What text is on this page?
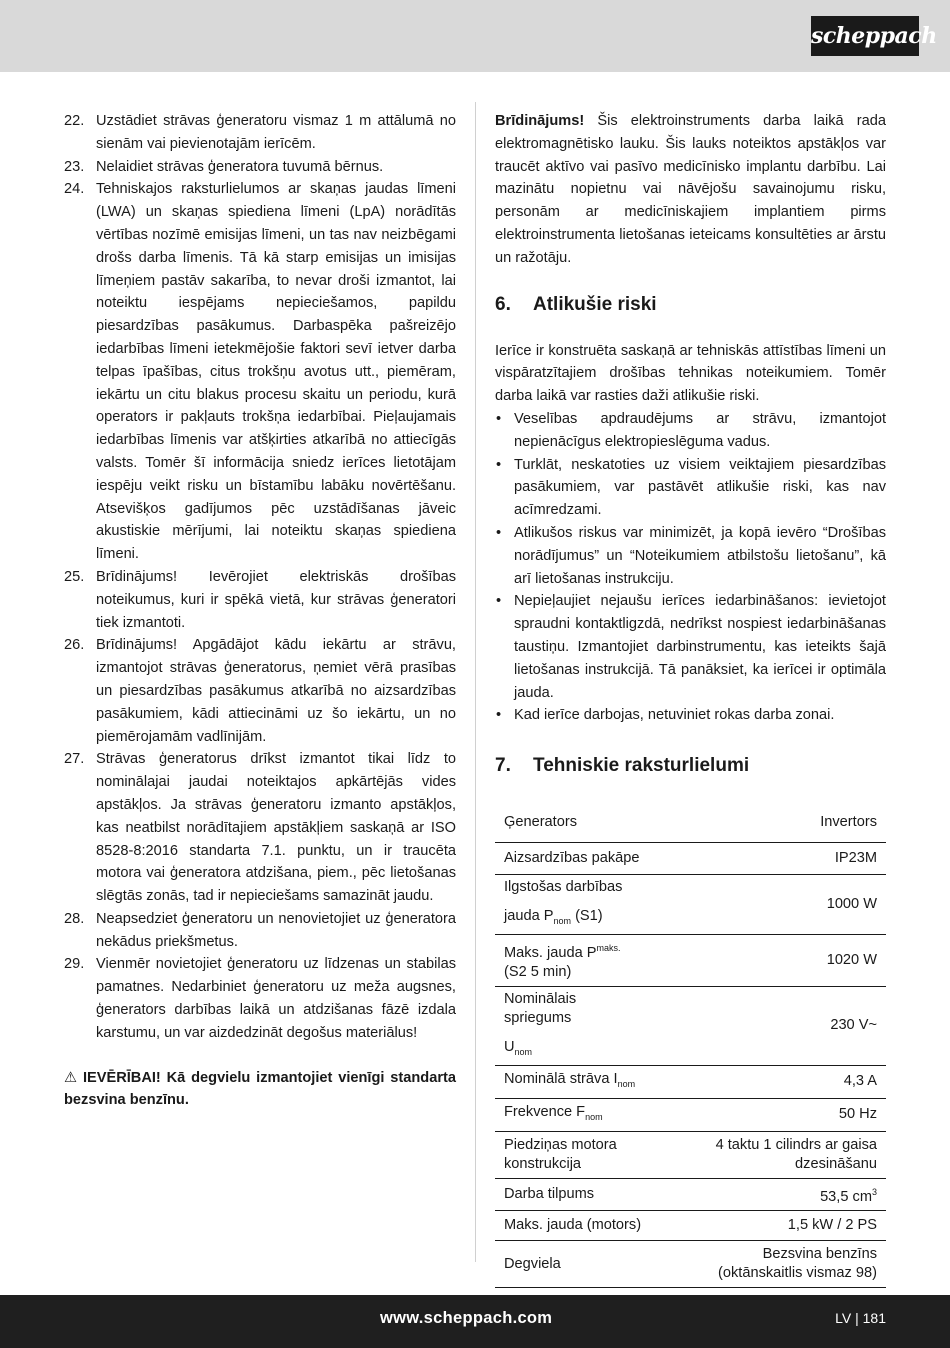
scheppach
22. Uzstādiet strāvas ģeneratoru vismaz 1 m attālumā no sienām vai pievienotajām ierīcēm.
23. Nelaidiet strāvas ģeneratora tuvumā bērnus.
24. Tehniskajos raksturlielumos ar skaņas jaudas līmeni (LWA) un skaņas spiediena līmeni (LpA) norādītās vērtības nozīmē emisijas līmeni, un tas nav neizbēgami drošs darba līmenis. Tā kā starp emisijas un imisijas līmeņiem pastāv sakarība, to nevar droši izmantot, lai noteiktu iespējams nepieciešamos, papildu piesardzības pasākumus. Darbaspēka pašreizējo iedarbības līmeni ietekmējošie faktori sevī ietver darba telpas īpašības, citus trokšņu avotus utt., piemēram, iekārtu un citu blakus procesu skaitu un periodu, kurā operators ir pakļauts trokšņa iedarbībai. Pieļaujamais iedarbības līmenis var atšķirties atkarībā no attiecīgās valsts. Tomēr šī informācija sniedz ierīces lietotājam iespēju veikt risku un bīstamību labāku novērtēšanu. Atsevišķos gadījumos pēc uzstādīšanas jāveic akustiskie mērījumi, lai noteiktu skaņas spiediena līmeni.
25. Brīdinājums! Ievērojiet elektriskās drošības noteikumus, kuri ir spēkā vietā, kur strāvas ģeneratori tiek izmantoti.
26. Brīdinājums! Apgādājot kādu iekārtu ar strāvu, izmantojot strāvas ģeneratorus, ņemiet vērā prasības un piesardzības pasākumus atkarībā no aizsardzības pasākumiem, kādi attiecināmi uz šo iekārtu, un no piemērojamām vadlīnijām.
27. Strāvas ģeneratorus drīkst izmantot tikai līdz to nominālajai jaudai noteiktajos apkārtējās vides apstākļos. Ja strāvas ģeneratoru izmanto apstākļos, kas neatbilst norādītajiem apstākļiem saskaņā ar ISO 8528-8:2016 standarta 7.1. punktu, un ir traucēta motora vai ģeneratora atdzišana, piem., pēc lietošanas slēgtās zonās, tad ir nepieciešams samazināt jaudu.
28. Neapsedziet ģeneratoru un nenovietojiet uz ģeneratora nekādus priekšmetus.
29. Vienmēr novietojiet ģeneratoru uz līdzenas un stabilas pamatnes. Nedarbiniet ģeneratoru uz meža augsnes, ģenerators darbības laikā un atdzišanas fāzē izdala karstumu, un var aizdedzināt degošus materiālus!

⚠ IEVĒRĪBAI! Kā degvielu izmantojiet vienīgi standarta bezsvina benzīnu.

Brīdinājums! Šis elektroinstruments darba laikā rada elektromagnētisko lauku. Šis lauks noteiktos apstākļos var traucēt aktīvo vai pasīvo medicīnisko implantu darbību. Lai mazinātu nopietnu vai nāvējošu savainojumu risku, personām ar medicīniskajiem implantiem pirms elektroinstrumenta lietošanas ieteicams konsultēties ar ārstu un ražotāju.

6.	Atlikušie riski

Ierīce ir konstruēta saskaņā ar tehniskās attīstības līmeni un vispāratzītajiem drošības tehnikas noteikumiem. Tomēr darba laikā var rasties daži atlikušie riski.

• Veselības apdraudējums ar strāvu, izmantojot nepienācīgus elektropieslēguma vadus.
• Turklāt, neskatoties uz visiem veiktajiem piesardzības pasākumiem, var pastāvēt atlikušie riski, kas nav acīmredzami.
• Atlikušos riskus var minimizēt, ja kopā ievēro “Drošības norādījumus” un “Noteikumiem atbilstošu lietošanu”, kā arī lietošanas instrukciju.
• Nepieļaujiet nejaušu ierīces iedarbināšanos: ievietojot spraudni kontaktligzdā, nedrīkst nospiest iedarbināšanas taustiņu. Izmantojiet darbinstrumentu, kas ieteikts šajā lietošanas instrukcijā. Tā panāksiet, ka ierīcei ir optimāla jauda.
• Kad ierīce darbojas, netuviniet rokas darba zonai.
7.	Tehniskie raksturlielumi
Ģenerators	Invertors
Aizsardzības pakāpe	IP23M
Ilgstošas darbības
jauda $P_{nom}$ (S1)	1000 W
Maks. jauda $P^{maks.}$
(S2 5 min)	1020 W
Nominālais spriegums
$U_{nom}$	230 V~
Nominālā strāva $I_{nom}$	4,3 A
Frekvence $F_{nom}$	50 Hz
Piedziņas motora
konstrukcija	4 taktu 1 cilindrs ar gaisa
dzesināšanu
Darba tilpums	53,5 $cm^3$
Maks. jauda (motors)	1,5 kW / 2 PS
Degviela	Bezsvina benzīns
(oktānskaitlis vismaz 98)
www.scheppach.com	LV | 181
